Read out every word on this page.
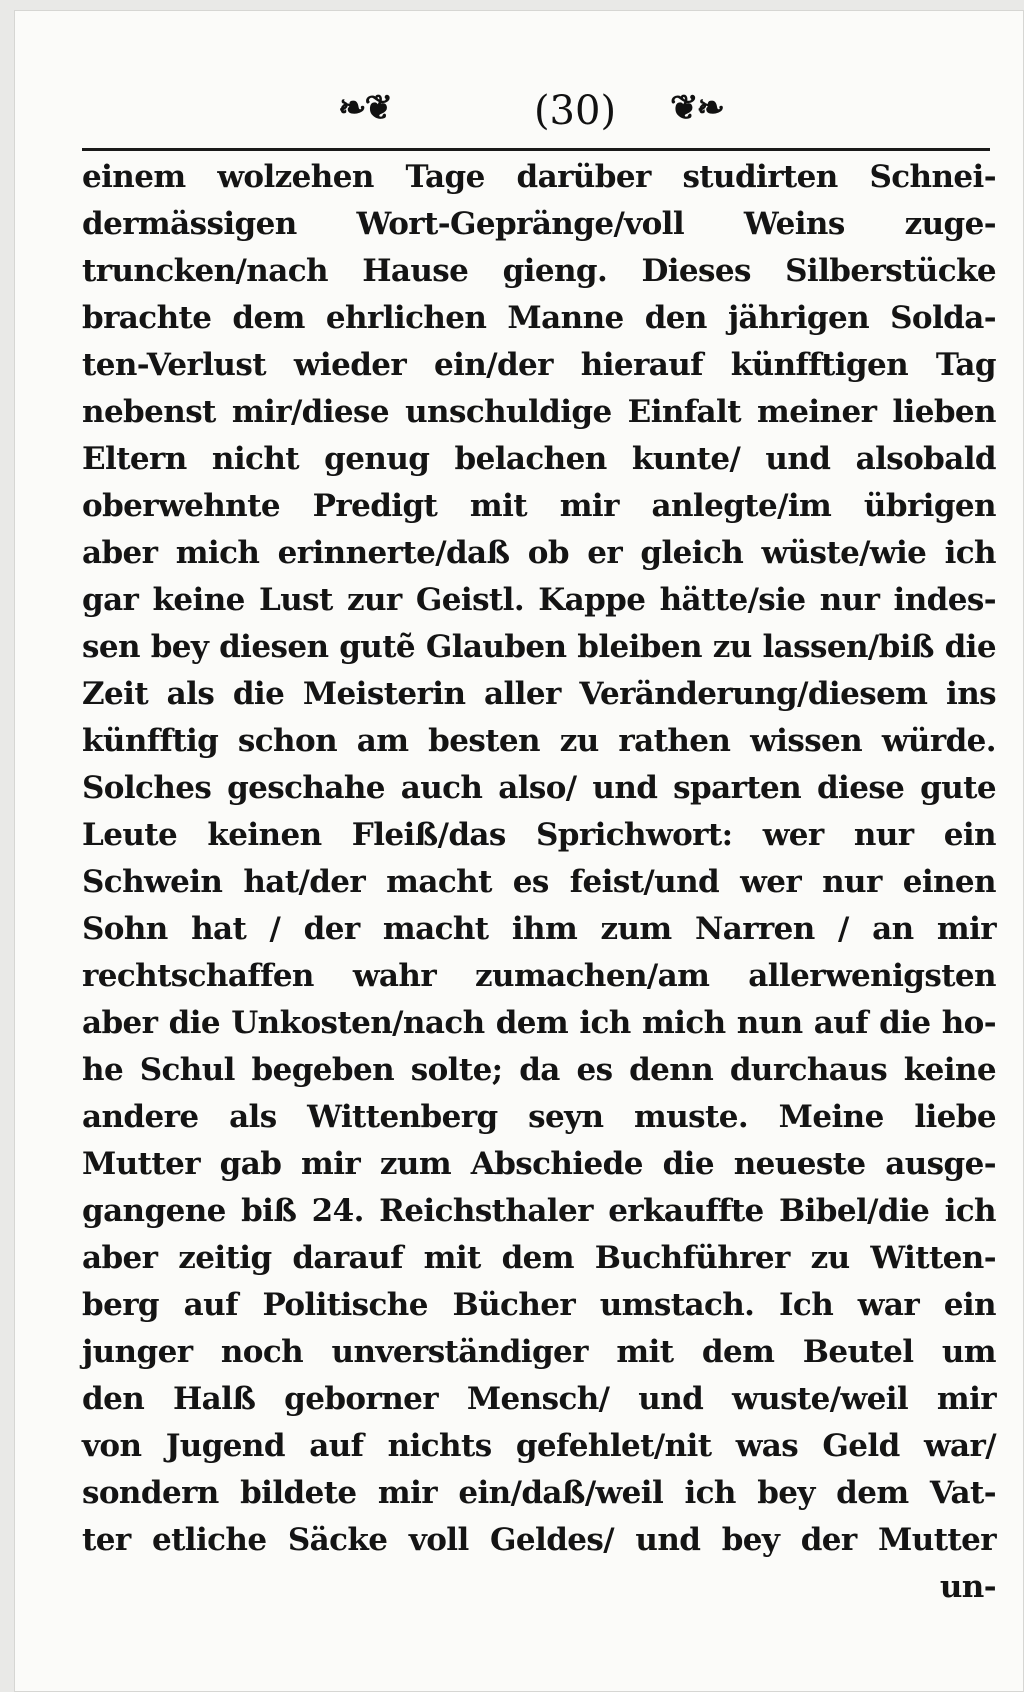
❧❦	(30)	❦❧
einem wolzehen Tage darüber studirten Schnei-
dermässigen Wort-Gepränge/voll Weins zuge-
truncken/nach Hause gieng. Dieses Silberstücke
brachte dem ehrlichen Manne den jährigen Solda-
ten-Verlust wieder ein/der hierauf künfftigen Tag
nebenst mir/diese unschuldige Einfalt meiner lieben
Eltern nicht genug belachen kunte/ und alsobald
oberwehnte Predigt mit mir anlegte/im übrigen
aber mich erinnerte/daß ob er gleich wüste/wie ich
gar keine Lust zur Geistl. Kappe hätte/sie nur indes-
sen bey diesen gutẽ Glauben bleiben zu lassen/biß die
Zeit als die Meisterin aller Veränderung/diesem ins
künfftig schon am besten zu rathen wissen würde.
Solches geschahe auch also/ und sparten diese gute
Leute keinen Fleiß/das Sprichwort: wer nur ein
Schwein hat/der macht es feist/und wer nur einen
Sohn hat / der macht ihm zum Narren / an mir
rechtschaffen wahr zumachen/am allerwenigsten
aber die Unkosten/nach dem ich mich nun auf die ho-
he Schul begeben solte; da es denn durchaus keine
andere als Wittenberg seyn muste. Meine liebe
Mutter gab mir zum Abschiede die neueste ausge-
gangene biß 24. Reichsthaler erkauffte Bibel/die ich
aber zeitig darauf mit dem Buchführer zu Witten-
berg auf Politische Bücher umstach. Ich war ein
junger noch unverständiger mit dem Beutel um
den Halß geborner Mensch/ und wuste/weil mir
von Jugend auf nichts gefehlet/nit was Geld war/
sondern bildete mir ein/daß/weil ich bey dem Vat-
ter etliche Säcke voll Geldes/ und bey der Mutter
un-
